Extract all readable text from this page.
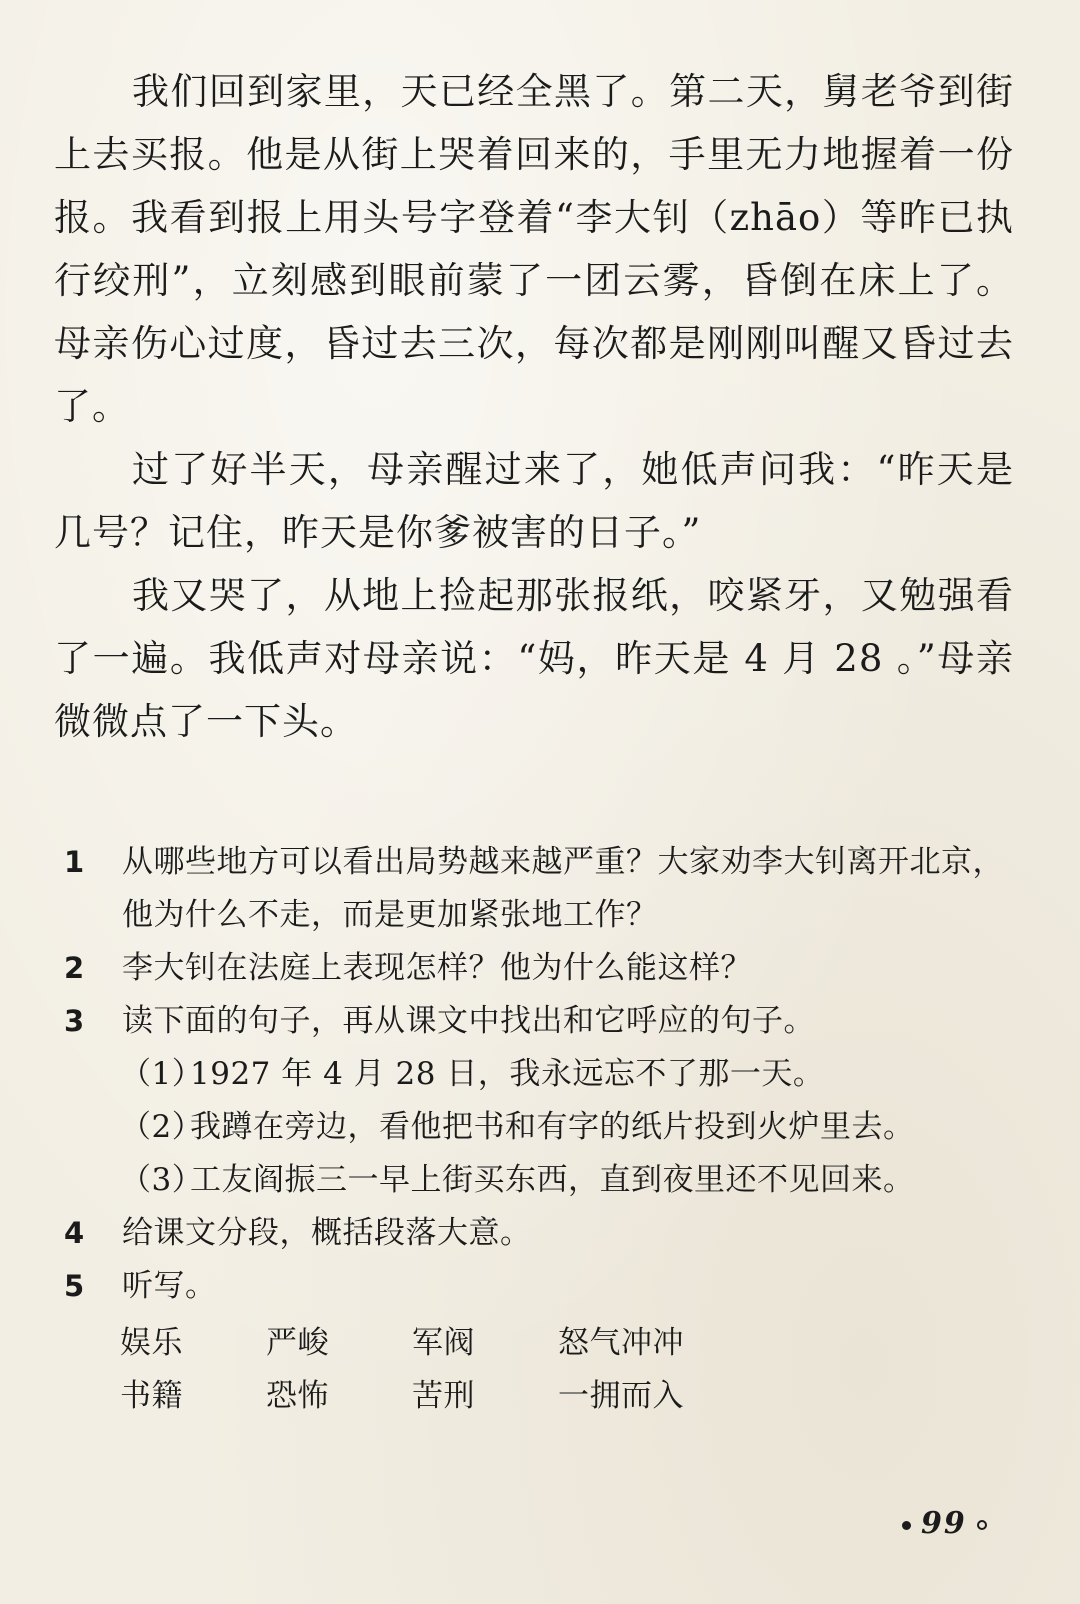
我们回到家里，天已经全黑了。第二天，舅老爷到街上去买报。他是从街上哭着回来的，手里无力地握着一份报。我看到报上用头号字登着“李大钊（zhāo）等昨已执行绞刑”，立刻感到眼前蒙了一团云雾，昏倒在床上了。母亲伤心过度，昏过去三次，每次都是刚刚叫醒又昏过去了。

过了好半天，母亲醒过来了，她低声问我：“昨天是几号？记住，昨天是你爹被害的日子。”

我又哭了，从地上捡起那张报纸，咬紧牙，又勉强看了一遍。我低声对母亲说：“妈，昨天是 4 月 28 。”母亲微微点了一下头。

1	从哪些地方可以看出局势越来越严重？大家劝李大钊离开北京，他为什么不走，而是更加紧张地工作？
2	李大钊在法庭上表现怎样？他为什么能这样？
3	读下面的句子，再从课文中找出和它呼应的句子。
（1）
1927 年 4 月 28 日，我永远忘不了那一天。
（2）
我蹲在旁边，看他把书和有字的纸片投到火炉里去。
（3）
工友阎振三一早上街买东西，直到夜里还不见回来。
4	给课文分段，概括段落大意。
5	听写。
娱乐	严峻	军阀	怒气冲冲
书籍	恐怖	苦刑	一拥而入
99
